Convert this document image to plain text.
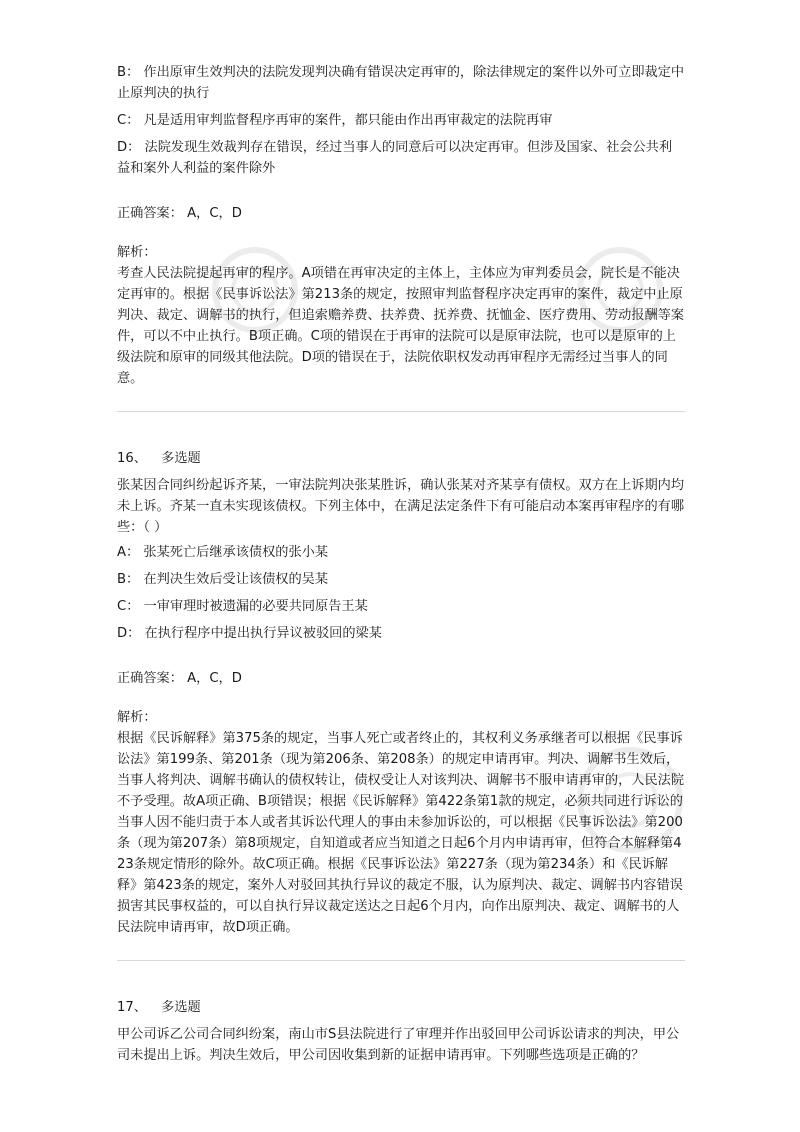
B： 作出原审生效判决的法院发现判决确有错误决定再审的，除法律规定的案件以外可立即裁定中止原判决的执行

C： 凡是适用审判监督程序再审的案件，都只能由作出再审裁定的法院再审

D： 法院发现生效裁判存在错误，经过当事人的同意后可以决定再审。但涉及国家、社会公共利益和案外人利益的案件除外

正确答案： A，C，D
解析：

考查人民法院提起再审的程序。A项错在再审决定的主体上，主体应为审判委员会，院长是不能决定再审的。根据《民事诉讼法》第213条的规定，按照审判监督程序决定再审的案件，裁定中止原判决、裁定、调解书的执行，但追索赡养费、扶养费、抚养费、抚恤金、医疗费用、劳动报酬等案件，可以不中止执行。B项正确。C项的错误在于再审的法院可以是原审法院，也可以是原审的上级法院和原审的同级其他法院。D项的错误在于，法院依职权发动再审程序无需经过当事人的同意。

16、 多选题

张某因合同纠纷起诉齐某，一审法院判决张某胜诉，确认张某对齐某享有债权。双方在上诉期内均未上诉。齐某一直未实现该债权。下列主体中，在满足法定条件下有可能启动本案再审程序的有哪些：（ ）

A： 张某死亡后继承该债权的张小某

B： 在判决生效后受让该债权的吴某

C： 一审审理时被遗漏的必要共同原告王某

D： 在执行程序中提出执行异议被驳回的梁某

正确答案： A，C，D
解析：

根据《民诉解释》第375条的规定，当事人死亡或者终止的，其权利义务承继者可以根据《民事诉讼法》第199条、第201条（现为第206条、第208条）的规定申请再审。判决、调解书生效后，当事人将判决、调解书确认的债权转让，债权受让人对该判决、调解书不服申请再审的，人民法院不予受理。故A项正确、B项错误；根据《民诉解释》第422条第1款的规定，必须共同进行诉讼的当事人因不能归责于本人或者其诉讼代理人的事由未参加诉讼的，可以根据《民事诉讼法》第200条（现为第207条）第8项规定，自知道或者应当知道之日起6个月内申请再审，但符合本解释第423条规定情形的除外。故C项正确。根据《民事诉讼法》第227条（现为第234条）和《民诉解释》第423条的规定，案外人对驳回其执行异议的裁定不服，认为原判决、裁定、调解书内容错误损害其民事权益的，可以自执行异议裁定送达之日起6个月内，向作出原判决、裁定、调解书的人民法院申请再审，故D项正确。

17、 多选题

甲公司诉乙公司合同纠纷案，南山市S县法院进行了审理并作出驳回甲公司诉讼请求的判决，甲公司未提出上诉。判决生效后，甲公司因收集到新的证据申请再审。下列哪些选项是正确的？
